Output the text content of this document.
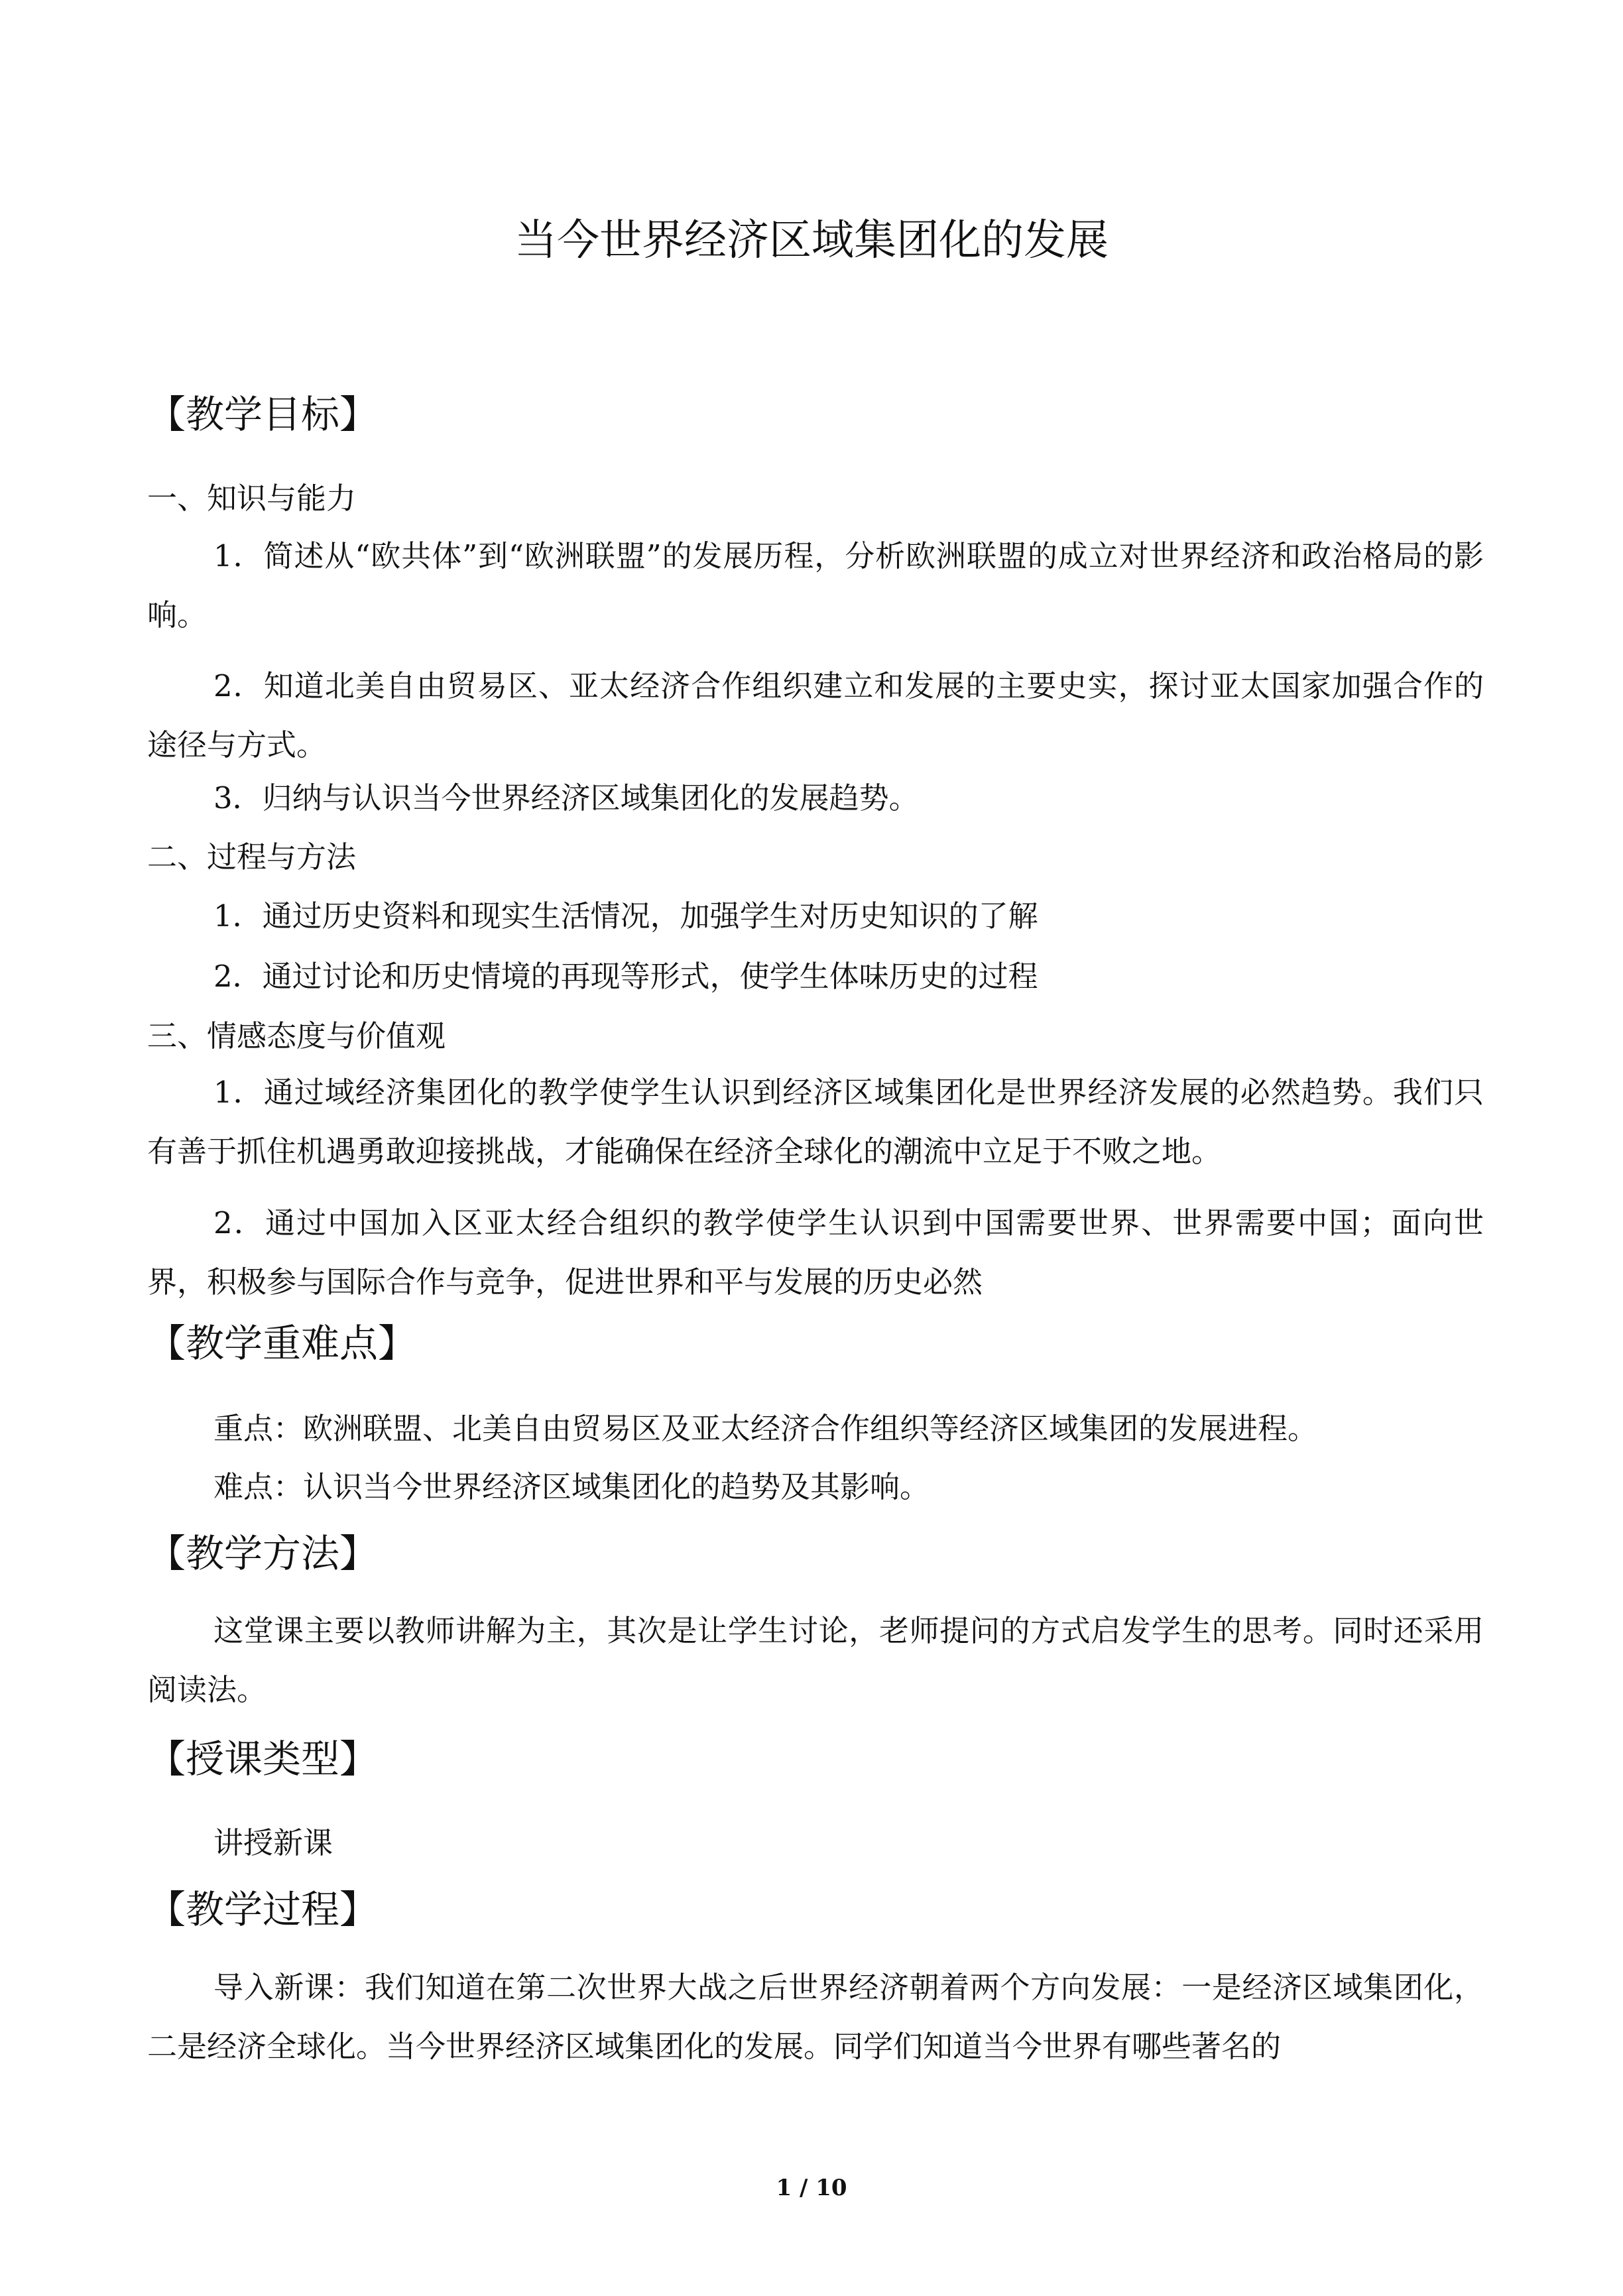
当今世界经济区域集团化的发展
【教学目标】
一、知识与能力
1．简述从“欧共体”到“欧洲联盟”的发展历程，分析欧洲联盟的成立对世界经济和政治格局的影响。
2．知道北美自由贸易区、亚太经济合作组织建立和发展的主要史实，探讨亚太国家加强合作的途径与方式。
3．归纳与认识当今世界经济区域集团化的发展趋势。
二、过程与方法
1．通过历史资料和现实生活情况，加强学生对历史知识的了解
2．通过讨论和历史情境的再现等形式，使学生体味历史的过程
三、情感态度与价值观
1．通过域经济集团化的教学使学生认识到经济区域集团化是世界经济发展的必然趋势。我们只有善于抓住机遇勇敢迎接挑战，才能确保在经济全球化的潮流中立足于不败之地。
2．通过中国加入区亚太经合组织的教学使学生认识到中国需要世界、世界需要中国；面向世界，积极参与国际合作与竞争，促进世界和平与发展的历史必然
【教学重难点】
重点：欧洲联盟、北美自由贸易区及亚太经济合作组织等经济区域集团的发展进程。
难点：认识当今世界经济区域集团化的趋势及其影响。
【教学方法】
这堂课主要以教师讲解为主，其次是让学生讨论，老师提问的方式启发学生的思考。同时还采用阅读法。
【授课类型】
讲授新课
【教学过程】
导入新课：我们知道在第二次世界大战之后世界经济朝着两个方向发展：一是经济区域集团化，二是经济全球化。当今世界经济区域集团化的发展。同学们知道当今世界有哪些著名的
1 / 10
